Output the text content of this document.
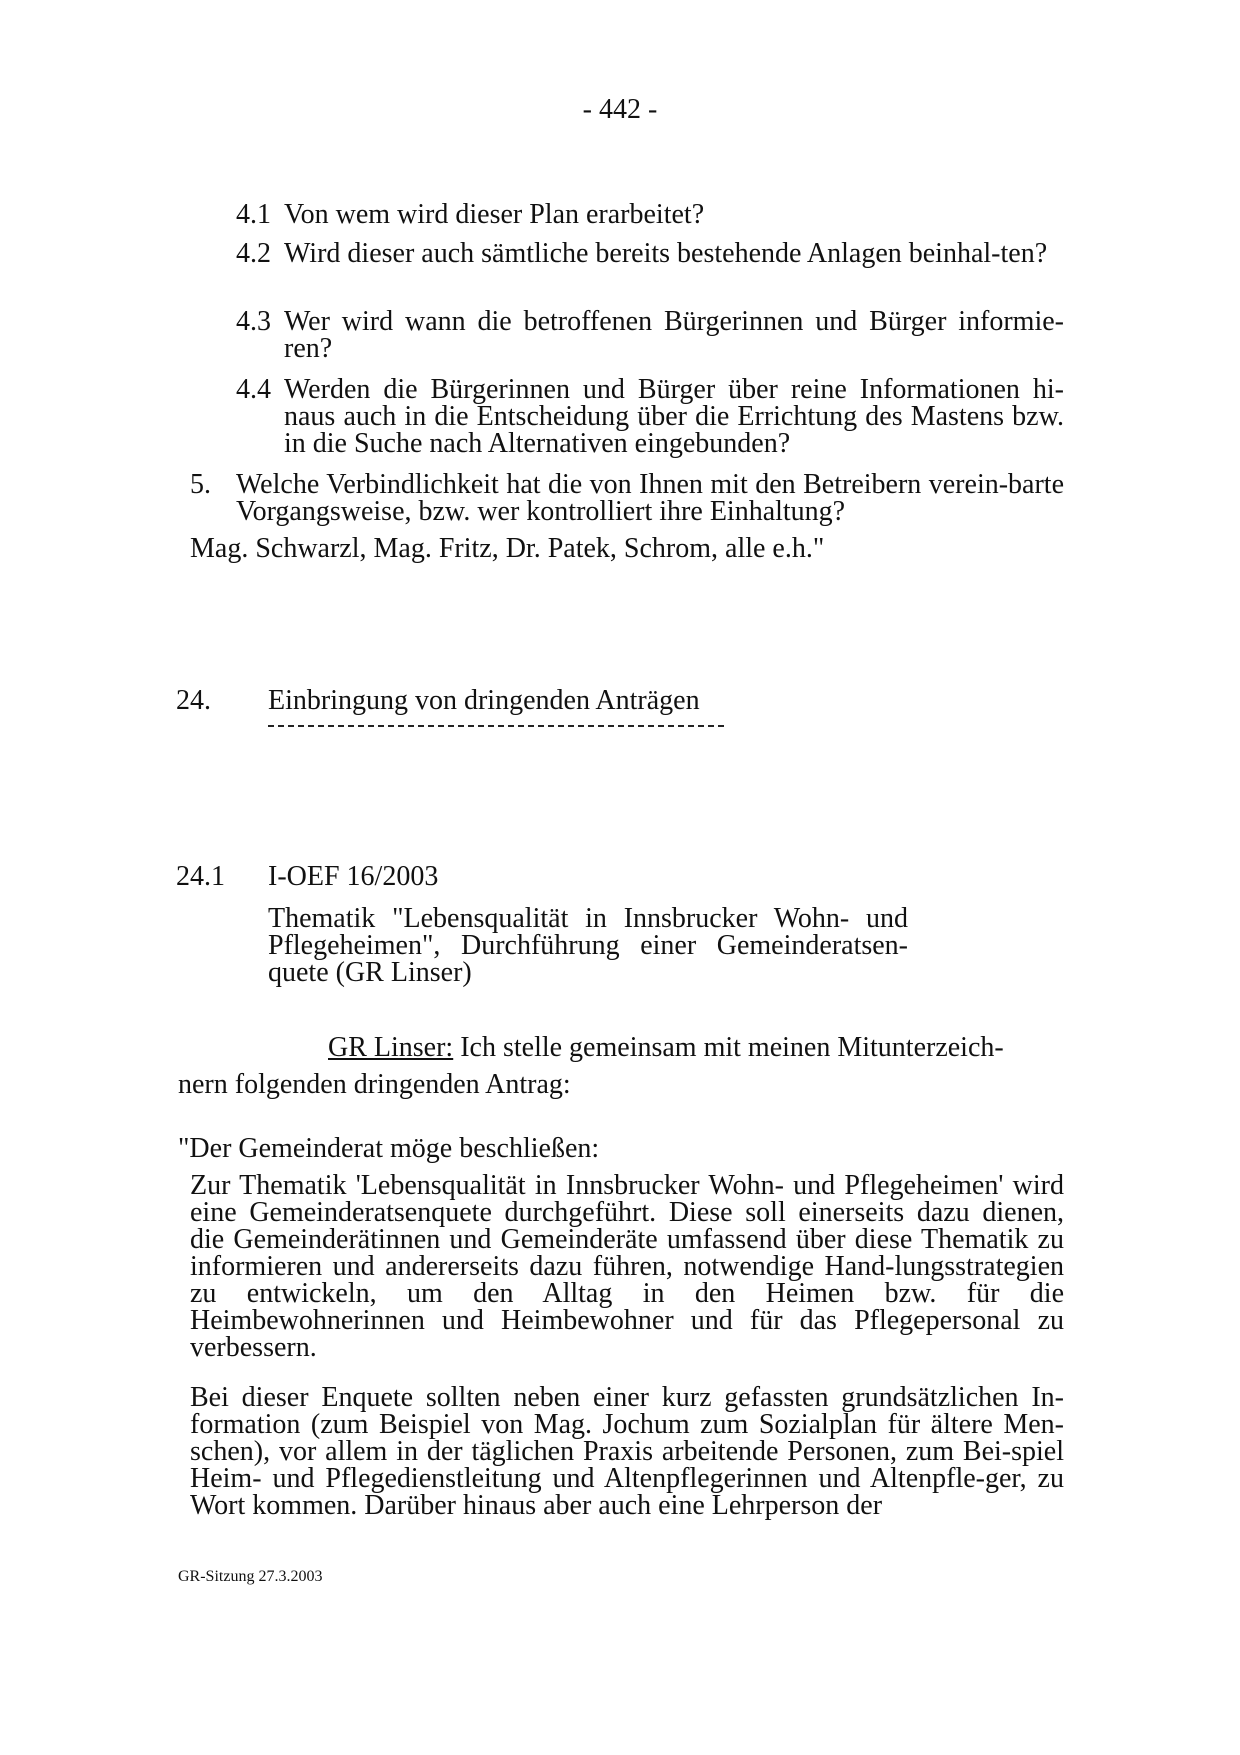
- 442 -
4.1 Von wem wird dieser Plan erarbeitet?
4.2 Wird dieser auch sämtliche bereits bestehende Anlagen beinhal-ten?
4.3 Wer wird wann die betroffenen Bürgerinnen und Bürger informie-ren?
4.4 Werden die Bürgerinnen und Bürger über reine Informationen hi-naus auch in die Entscheidung über die Errichtung des Mastens bzw. in die Suche nach Alternativen eingebunden?
5. Welche Verbindlichkeit hat die von Ihnen mit den Betreibern verein-barte Vorgangsweise, bzw. wer kontrolliert ihre Einhaltung?
Mag. Schwarzl, Mag. Fritz, Dr. Patek, Schrom, alle e.h."
24. Einbringung von dringenden Anträgen
24.1 I-OEF 16/2003
Thematik "Lebensqualität in Innsbrucker Wohn- und Pflegeheimen", Durchführung einer Gemeinderatsen-quete (GR Linser)
GR Linser: Ich stelle gemeinsam mit meinen Mitunterzeich-
nern folgenden dringenden Antrag:
"Der Gemeinderat möge beschließen:
Zur Thematik 'Lebensqualität in Innsbrucker Wohn- und Pflegeheimen' wird eine Gemeinderatsenquete durchgeführt. Diese soll einerseits dazu dienen, die Gemeinderätinnen und Gemeinderäte umfassend über diese Thematik zu informieren und andererseits dazu führen, notwendige Hand-lungsstrategien zu entwickeln, um den Alltag in den Heimen bzw. für die Heimbewohnerinnen und Heimbewohner und für das Pflegepersonal zu verbessern.
Bei dieser Enquete sollten neben einer kurz gefassten grundsätzlichen In-formation (zum Beispiel von Mag. Jochum zum Sozialplan für ältere Men-schen), vor allem in der täglichen Praxis arbeitende Personen, zum Bei-spiel Heim- und Pflegedienstleitung und Altenpflegerinnen und Altenpfle-ger, zu Wort kommen. Darüber hinaus aber auch eine Lehrperson der
GR-Sitzung 27.3.2003
